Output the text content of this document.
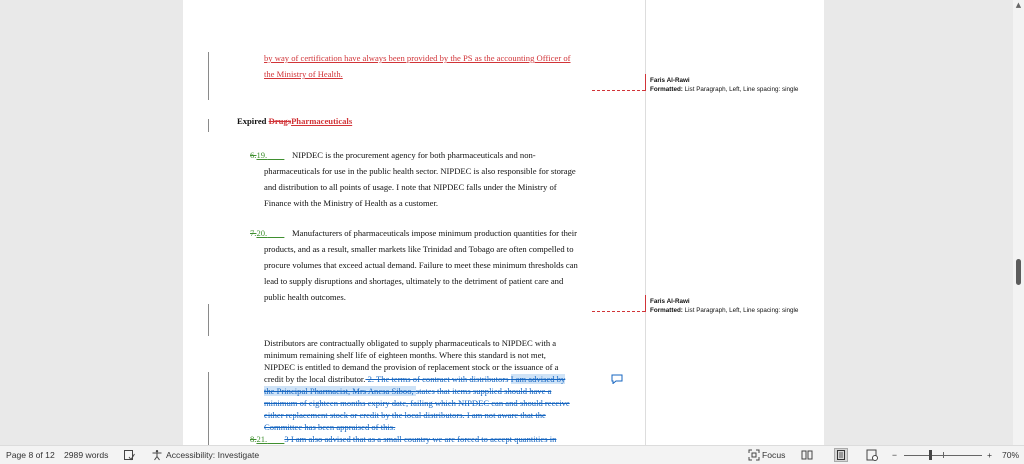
▲
by way of certification have always been provided by the PS as the accounting Officer of
the Ministry of Health.
Expired DrugsPharmaceuticals
6.19.	NIPDEC is the procurement agency for both pharmaceuticals and non-
pharmaceuticals for use in the public health sector. NIPDEC is also responsible for storage
and distribution to all points of usage. I note that NIPDEC falls under the Ministry of
Finance with the Ministry of Health as a customer.
7.20.	Manufacturers of pharmaceuticals impose minimum production quantities for their
products, and as a result, smaller markets like Trinidad and Tobago are often compelled to
procure volumes that exceed actual demand. Failure to meet these minimum thresholds can
lead to supply disruptions and shortages, ultimately to the detriment of patient care and
public health outcomes.
Distributors are contractually obligated to supply pharmaceuticals to NIPDEC with a
minimum remaining shelf life of eighteen months. Where this standard is not met,
NIPDEC is entitled to demand the provision of replacement stock or the issuance of a
credit by the local distributor. 2. The terms of contract with distributors I am advised by
the Principal Pharmacist, Mrs Anesa Siboo, states that items supplied should have a
minimum of eighteen months expiry date, failing which NIPDEC can and should receive
either replacement stock or credit by the local distributors. I am not aware that the
Committee has been appraised of this.
8.21. 3 I am also advised that as a small country we are forced to accept quantities in
Faris Al-Rawi
Formatted: List Paragraph, Left, Line spacing: single
Faris Al-Rawi
Formatted: List Paragraph, Left, Line spacing: single
Page 8 of 12 2989 words	Accessibility: Investigate	Focus	−	+ 70%
